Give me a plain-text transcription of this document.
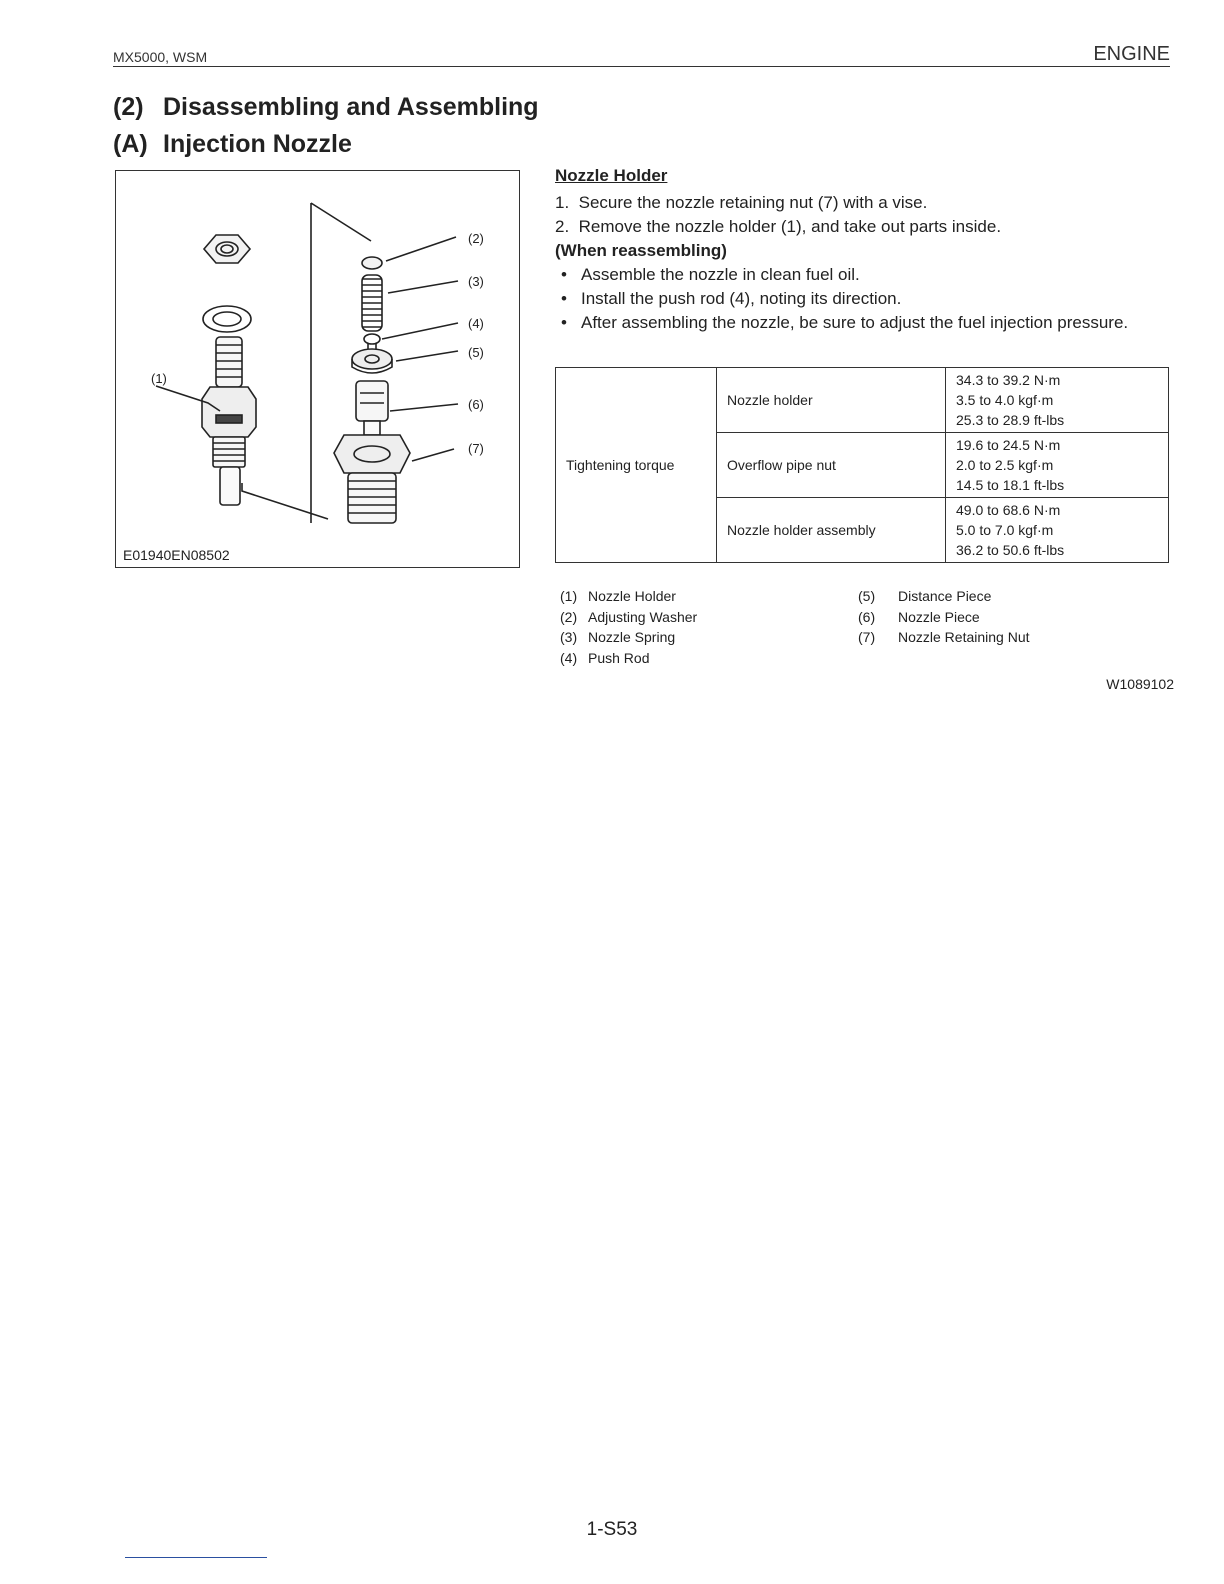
MX5000, WSM	ENGINE
(2) Disassembling and Assembling
(A) Injection Nozzle
(1)
(2)
(3)
(4)
(5)
(6)
(7)
E01940EN08502
Nozzle Holder
1. Secure the nozzle retaining nut (7) with a vise.
2. Remove the nozzle holder (1), and take out parts inside.
(When reassembling)
• Assemble the nozzle in clean fuel oil.
• Install the push rod (4), noting its direction.
• After assembling the nozzle, be sure to adjust the fuel injection pressure.
Tightening torque	Nozzle holder	34.3 to 39.2 N·m
3.5 to 4.0 kgf·m
25.3 to 28.9 ft-lbs

	Overflow pipe nut	19.6 to 24.5 N·m
2.0 to 2.5 kgf·m
14.5 to 18.1 ft-lbs

	Nozzle holder assembly	49.0 to 68.6 N·m
5.0 to 7.0 kgf·m
36.2 to 50.6 ft-lbs
(1) Nozzle Holder
(2) Adjusting Washer
(3) Nozzle Spring
(4) Push Rod
(5) Distance Piece
(6) Nozzle Piece
(7) Nozzle Retaining Nut
W1089102
1-S53
